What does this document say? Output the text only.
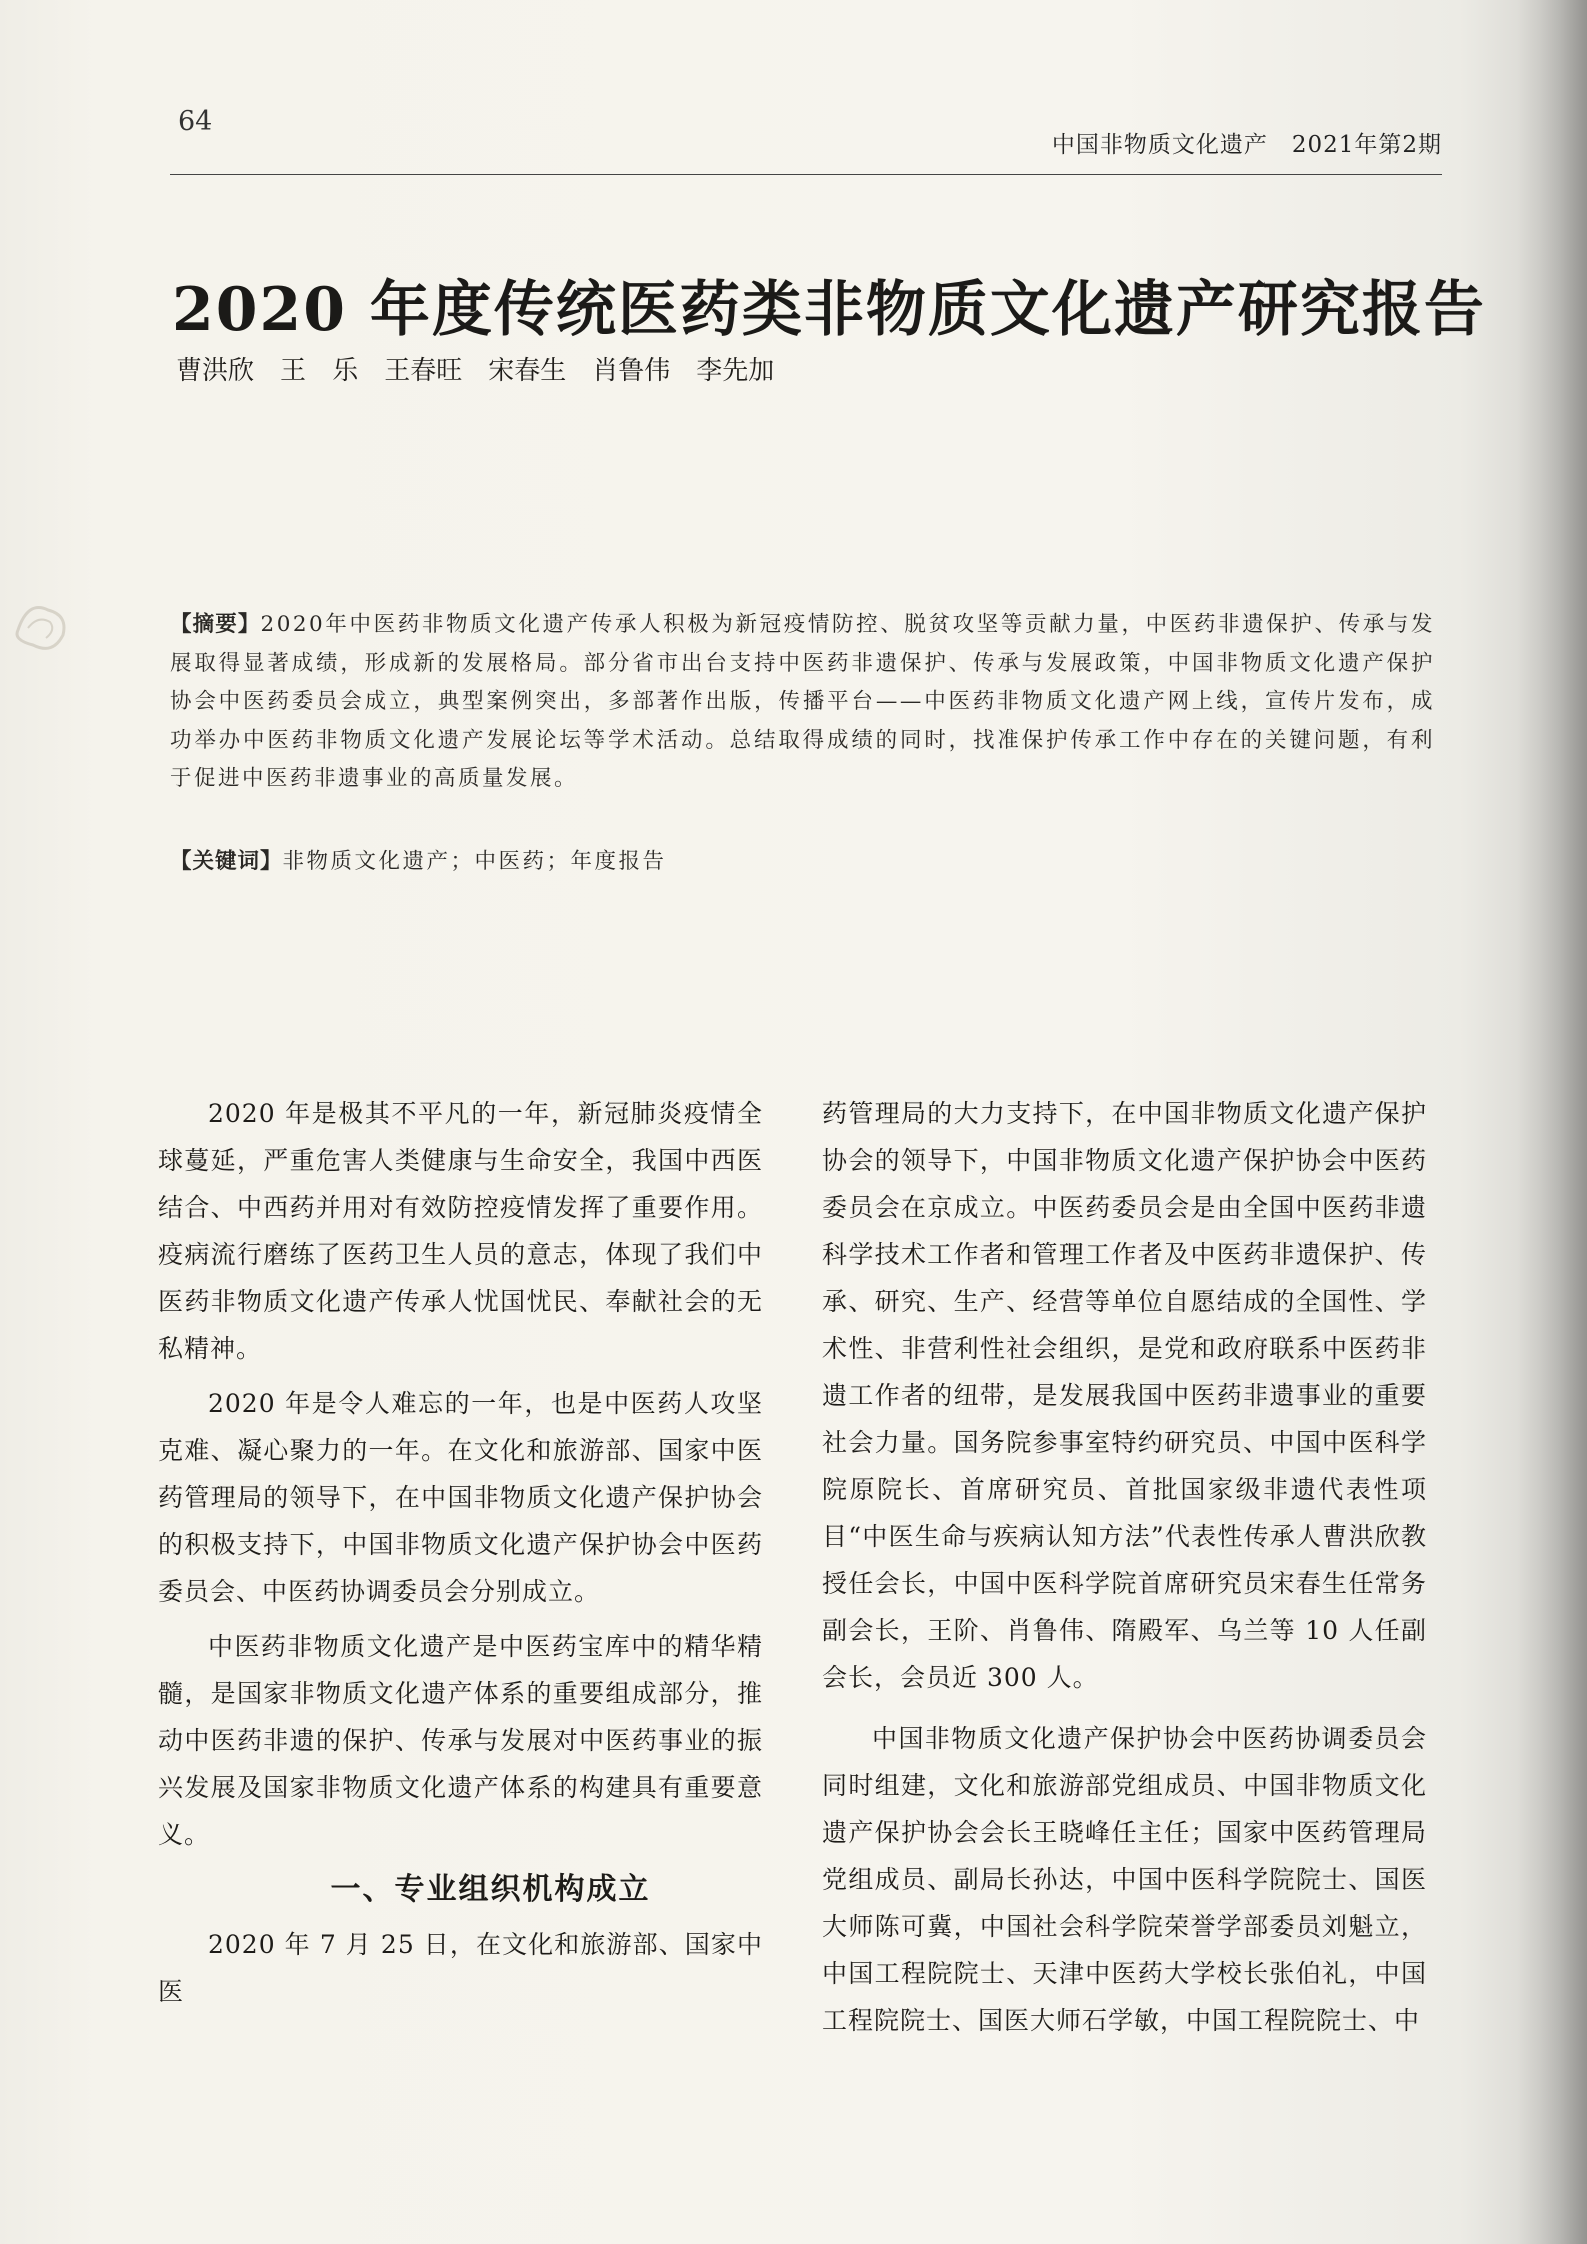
64
中国非物质文化遗产　2021年第2期
2020 年度传统医药类非物质文化遗产研究报告
曹洪欣　王 乐　王春旺　宋春生　肖鲁伟　李先加
【摘要】2020年中医药非物质文化遗产传承人积极为新冠疫情防控、脱贫攻坚等贡献力量，中医药非遗保护、传承与发展取得显著成绩，形成新的发展格局。部分省市出台支持中医药非遗保护、传承与发展政策，中国非物质文化遗产保护协会中医药委员会成立，典型案例突出，多部著作出版，传播平台——中医药非物质文化遗产网上线，宣传片发布，成功举办中医药非物质文化遗产发展论坛等学术活动。总结取得成绩的同时，找准保护传承工作中存在的关键问题，有利于促进中医药非遗事业的高质量发展。
【关键词】非物质文化遗产；中医药；年度报告

2020 年是极其不平凡的一年，新冠肺炎疫情全球蔓延，严重危害人类健康与生命安全，我国中西医结合、中西药并用对有效防控疫情发挥了重要作用。疫病流行磨练了医药卫生人员的意志，体现了我们中医药非物质文化遗产传承人忧国忧民、奉献社会的无私精神。

2020 年是令人难忘的一年，也是中医药人攻坚克难、凝心聚力的一年。在文化和旅游部、国家中医药管理局的领导下，在中国非物质文化遗产保护协会的积极支持下，中国非物质文化遗产保护协会中医药委员会、中医药协调委员会分别成立。

中医药非物质文化遗产是中医药宝库中的精华精髓，是国家非物质文化遗产体系的重要组成部分，推动中医药非遗的保护、传承与发展对中医药事业的振兴发展及国家非物质文化遗产体系的构建具有重要意义。

一、专业组织机构成立

2020 年 7 月 25 日，在文化和旅游部、国家中医

药管理局的大力支持下，在中国非物质文化遗产保护协会的领导下，中国非物质文化遗产保护协会中医药委员会在京成立。中医药委员会是由全国中医药非遗科学技术工作者和管理工作者及中医药非遗保护、传承、研究、生产、经营等单位自愿结成的全国性、学术性、非营利性社会组织，是党和政府联系中医药非遗工作者的纽带，是发展我国中医药非遗事业的重要社会力量。国务院参事室特约研究员、中国中医科学院原院长、首席研究员、首批国家级非遗代表性项目“中医生命与疾病认知方法”代表性传承人曹洪欣教授任会长，中国中医科学院首席研究员宋春生任常务副会长，王阶、肖鲁伟、隋殿军、乌兰等 10 人任副会长，会员近 300 人。

中国非物质文化遗产保护协会中医药协调委员会同时组建，文化和旅游部党组成员、中国非物质文化遗产保护协会会长王晓峰任主任；国家中医药管理局党组成员、副局长孙达，中国中医科学院院士、国医大师陈可冀，中国社会科学院荣誉学部委员刘魁立，中国工程院院士、天津中医药大学校长张伯礼，中国工程院院士、国医大师石学敏，中国工程院院士、中
